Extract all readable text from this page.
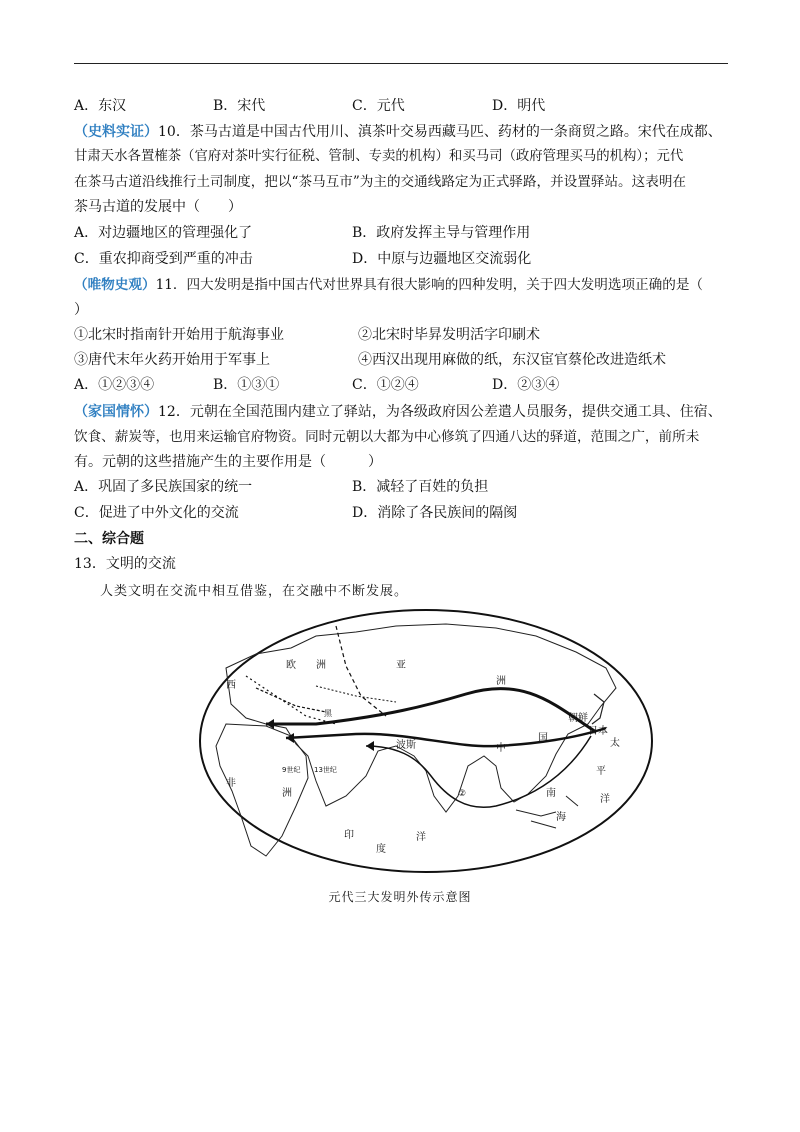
A．东汉	B．宋代	C．元代	D．明代
（史料实证）10．茶马古道是中国古代用川、滇茶叶交易西藏马匹、药材的一条商贸之路。宋代在成都、
甘肃天水各置榷茶（官府对茶叶实行征税、管制、专卖的机构）和买马司（政府管理买马的机构）；元代
在茶马古道沿线推行土司制度，把以“茶马互市”为主的交通线路定为正式驿路，并设置驿站。这表明在
茶马古道的发展中（　　）
A．对边疆地区的管理强化了	B．政府发挥主导与管理作用
C．重农抑商受到严重的冲击	D．中原与边疆地区交流弱化
（唯物史观）11．四大发明是指中国古代对世界具有很大影响的四种发明，关于四大发明选项正确的是（
）
①北宋时指南针开始用于航海事业	②北宋时毕昇发明活字印刷术
③唐代末年火药开始用于军事上	④西汉出现用麻做的纸，东汉宦官蔡伦改进造纸术
A．①②③④	B．①③①	C．①②④	D．②③④
（家国情怀）12．元朝在全国范围内建立了驿站，为各级政府因公差遣人员服务，提供交通工具、住宿、
饮食、薪炭等，也用来运输官府物资。同时元朝以大都为中心修筑了四通八达的驿道，范围之广，前所未
有。元朝的这些措施产生的主要作用是（　　　）
A．巩固了多民族国家的统一	B．减轻了百姓的负担
C．促进了中外文化的交流	D．消除了各民族间的隔阂
二、综合题
13．文明的交流
人类文明在交流中相互借鉴，在交融中不断发展。
欧　　洲	亚
洲
波斯	中
国
朝鲜
日本
太
平
洋
非
洲
印
度
洋
南
海
西
9世纪 13世纪
黑
②
元代三大发明外传示意图
